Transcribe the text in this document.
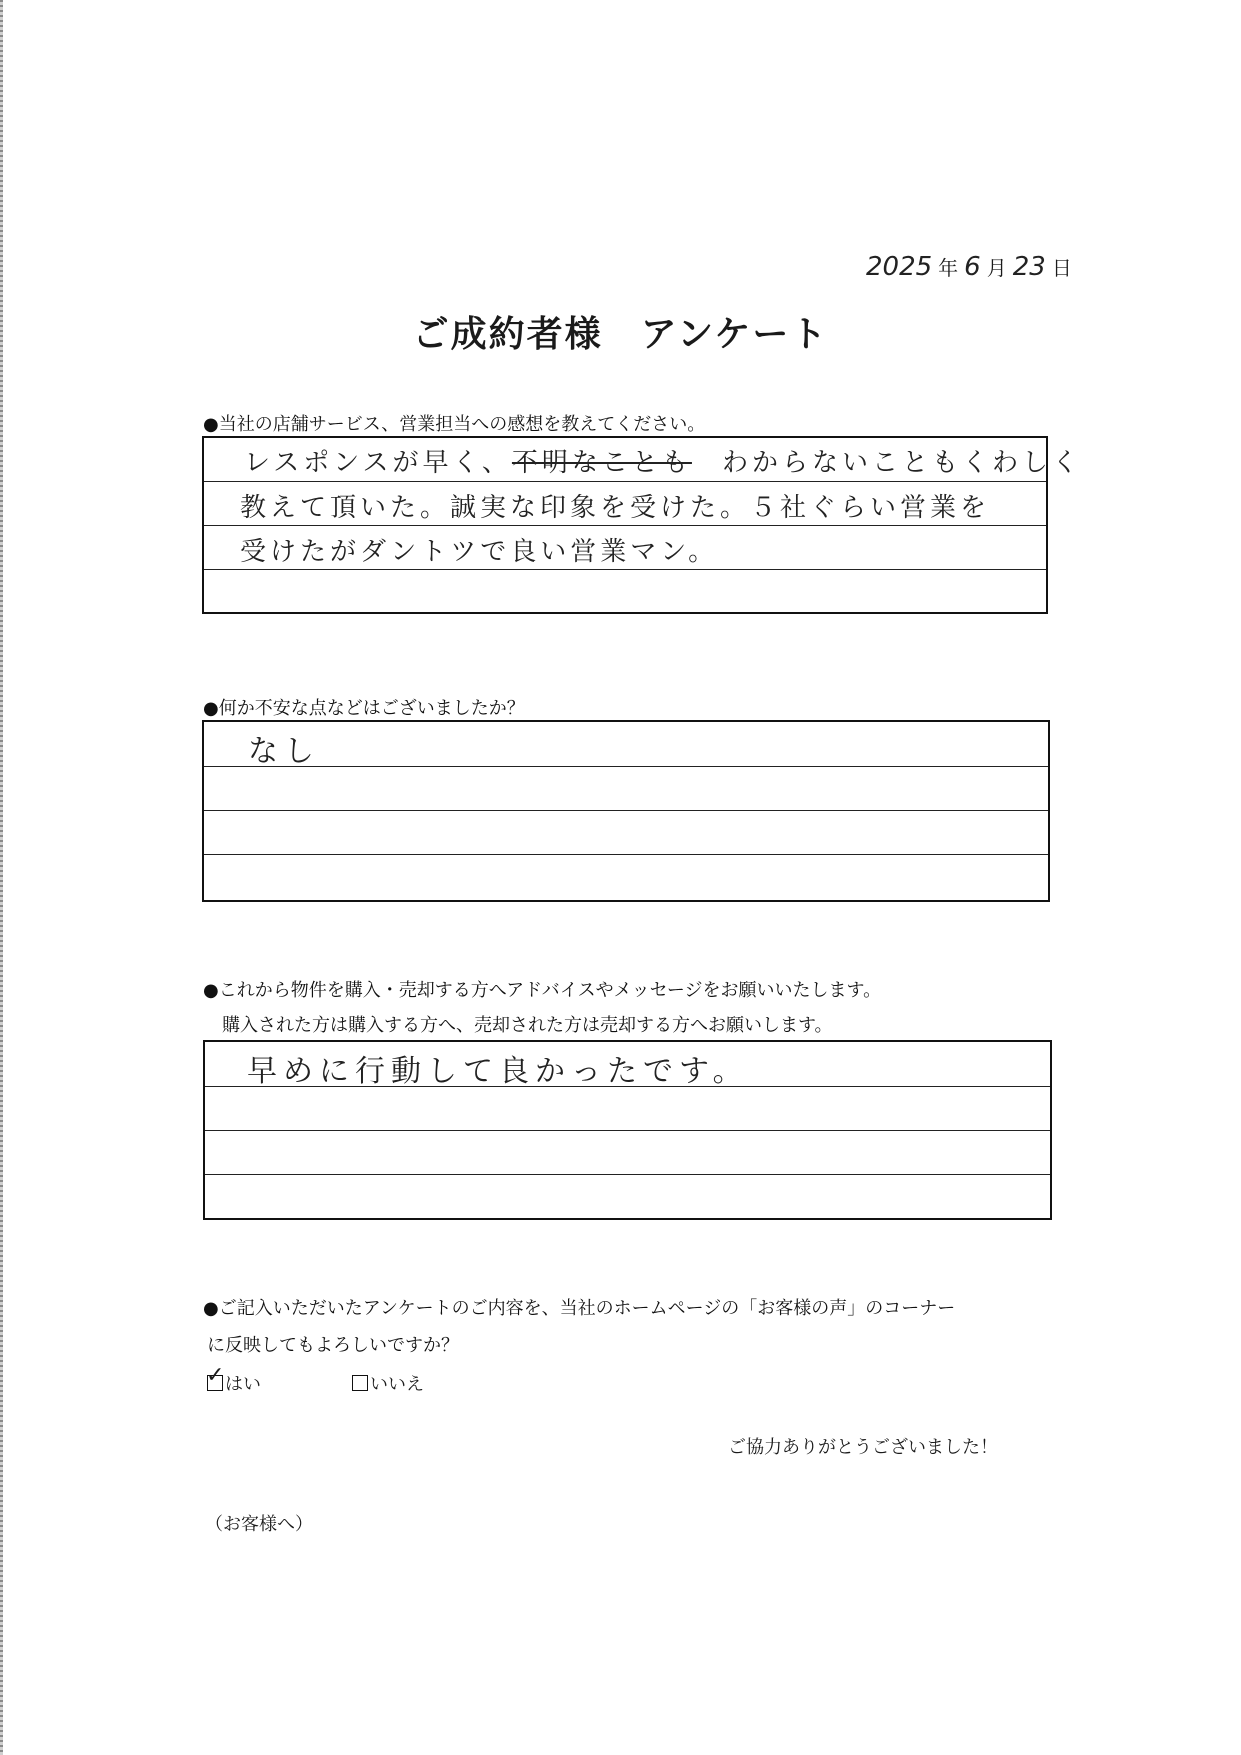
2025 年 6 月 23 日
ご成約者様　アンケート
●当社の店舗サービス、営業担当への感想を教えてください。
レスポンスが早く、不明なことも　わからないこともくわしく
教えて頂いた。誠実な印象を受けた。５社ぐらい営業を
受けたがダントツで良い営業マン。
●何か不安な点などはございましたか？
なし
●これから物件を購入・売却する方へアドバイスやメッセージをお願いいたします。
購入された方は購入する方へ、売却された方は売却する方へお願いします。
早めに行動して良かったです。
●ご記入いただいたアンケートのご内容を、当社のホームページの「お客様の声」のコーナー
に反映してもよろしいですか？
✓ はい	いいえ
ご協力ありがとうございました！
（お客様へ）
